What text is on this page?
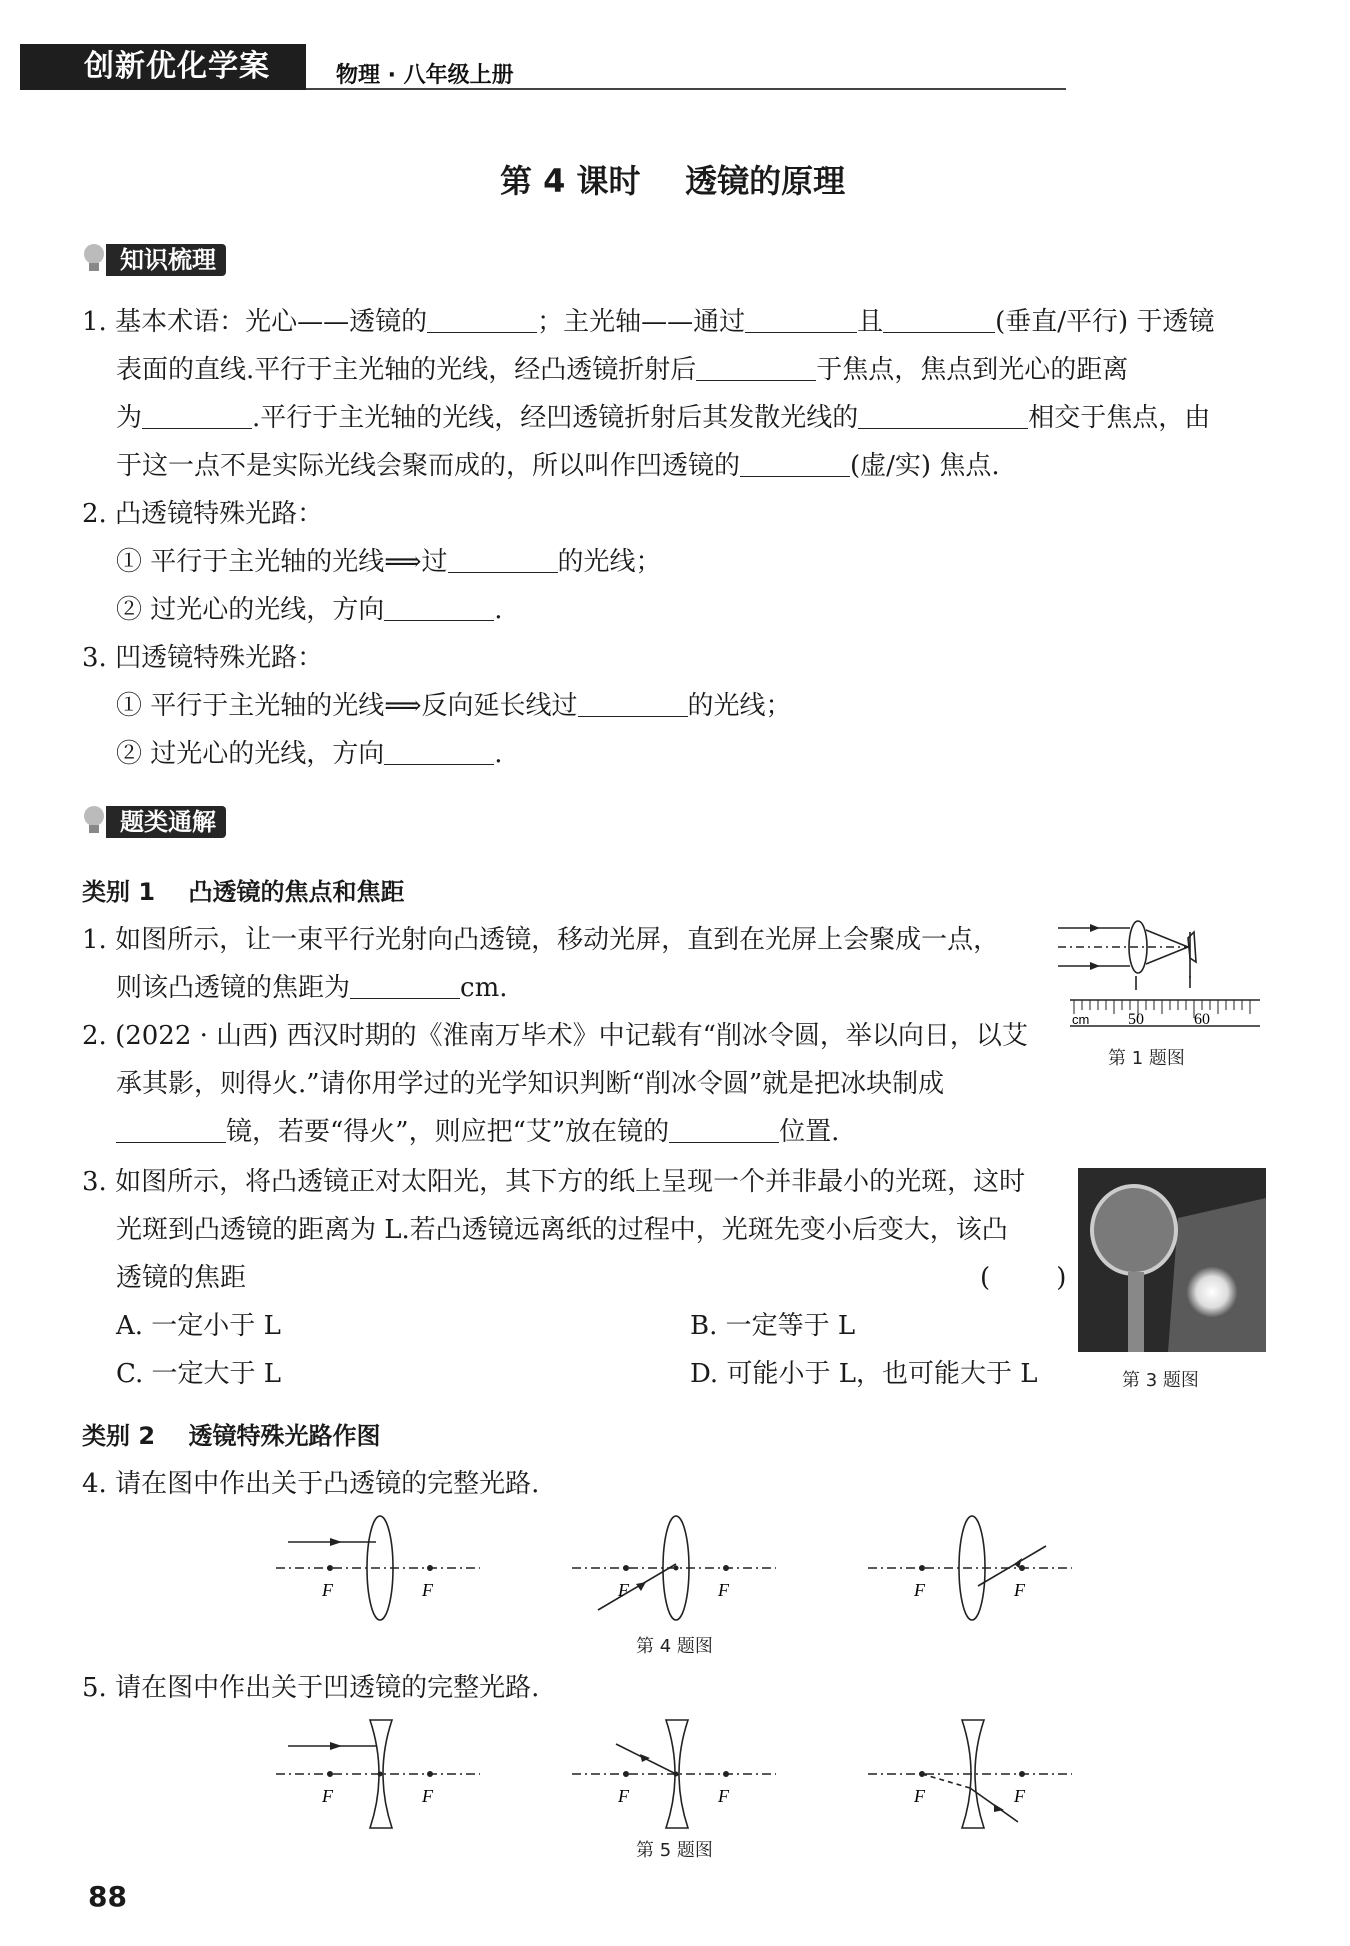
创新优化学案	物理 · 八年级上册
第 4 课时    透镜的原理
知识梳理
1. 基本术语：光心——透镜的	；主光轴——通过	且	(垂直/平行) 于透镜
表面的直线.平行于主光轴的光线，经凸透镜折射后	于焦点，焦点到光心的距离
为	.平行于主光轴的光线，经凹透镜折射后其发散光线的	相交于焦点，由
于这一点不是实际光线会聚而成的，所以叫作凹透镜的	(虚/实) 焦点.
2. 凸透镜特殊光路：
① 平行于主光轴的光线⟹过	的光线；
② 过光心的光线，方向	.
3. 凹透镜特殊光路：
① 平行于主光轴的光线⟹反向延长线过	的光线；
② 过光心的光线，方向	.
题类通解
类别 1    凸透镜的焦点和焦距
1. 如图所示，让一束平行光射向凸透镜，移动光屏，直到在光屏上会聚成一点，
则该凸透镜的焦距为	cm.
cm 50	60
第 1 题图
2. (2022 · 山西) 西汉时期的《淮南万毕术》中记载有“削冰令圆，举以向日，以艾
承其影，则得火.”请你用学过的光学知识判断“削冰令圆”就是把冰块制成
镜，若要“得火”，则应把“艾”放在镜的	位置.
3. 如图所示，将凸透镜正对太阳光，其下方的纸上呈现一个并非最小的光斑，这时
光斑到凸透镜的距离为 L.若凸透镜远离纸的过程中，光斑先变小后变大，该凸
透镜的焦距	(        )
A. 一定小于 L	B. 一定等于 L
C. 一定大于 L	D. 可能小于 L，也可能大于 L	第 3 题图
类别 2    透镜特殊光路作图
4. 请在图中作出关于凸透镜的完整光路.
F	F	F	F	F	F
第 4 题图
5. 请在图中作出关于凹透镜的完整光路.
F	F	F	F	F	F
第 5 题图
88
